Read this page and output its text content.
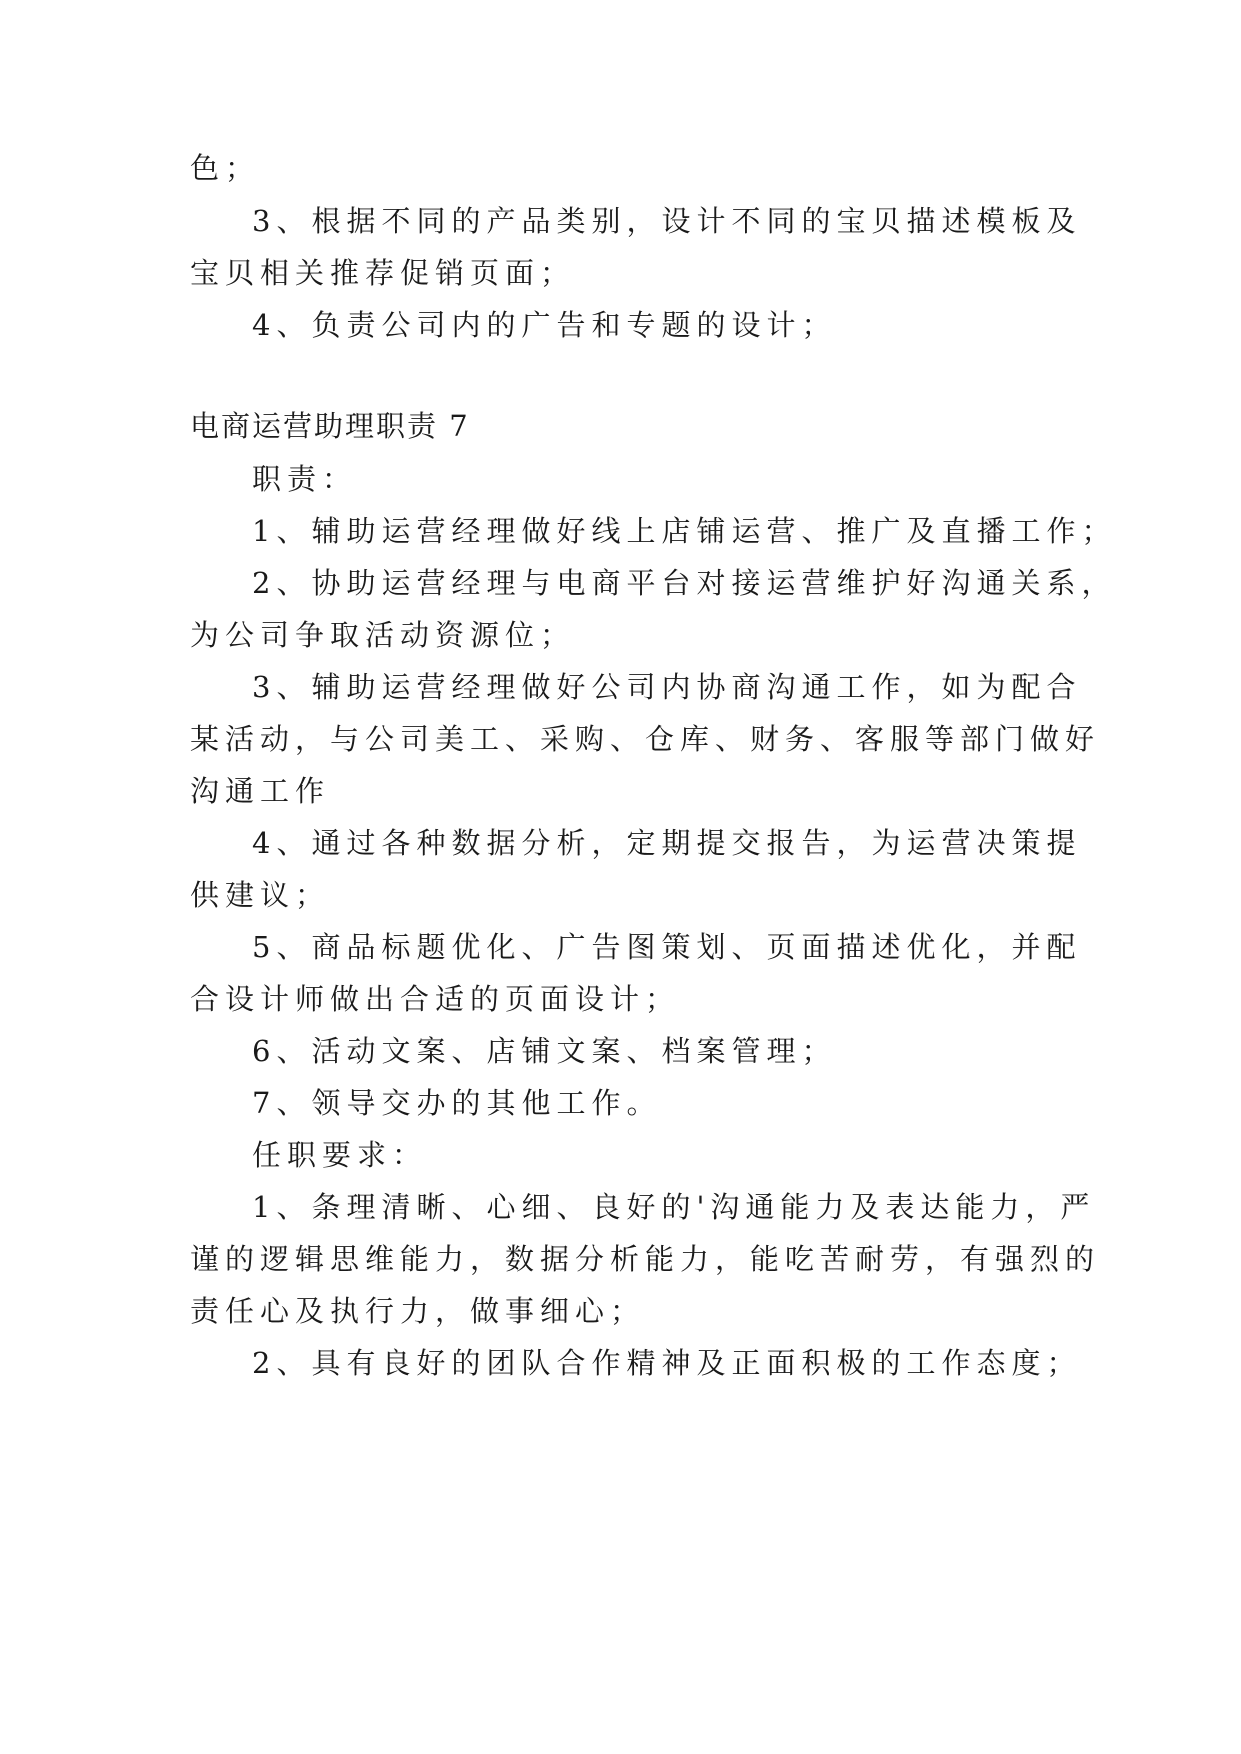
色；
3、根据不同的产品类别，设计不同的宝贝描述模板及
宝贝相关推荐促销页面；
4、负责公司内的广告和专题的设计；
电商运营助理职责 7
职责：
1、辅助运营经理做好线上店铺运营、推广及直播工作；
2、协助运营经理与电商平台对接运营维护好沟通关系，
为公司争取活动资源位；
3、辅助运营经理做好公司内协商沟通工作，如为配合
某活动，与公司美工、采购、仓库、财务、客服等部门做好
沟通工作
4、通过各种数据分析，定期提交报告，为运营决策提
供建议；
5、商品标题优化、广告图策划、页面描述优化，并配
合设计师做出合适的页面设计；
6、活动文案、店铺文案、档案管理；
7、领导交办的其他工作。
任职要求：
1、条理清晰、心细、良好的'沟通能力及表达能力，严
谨的逻辑思维能力，数据分析能力，能吃苦耐劳，有强烈的
责任心及执行力，做事细心；
2、具有良好的团队合作精神及正面积极的工作态度；
